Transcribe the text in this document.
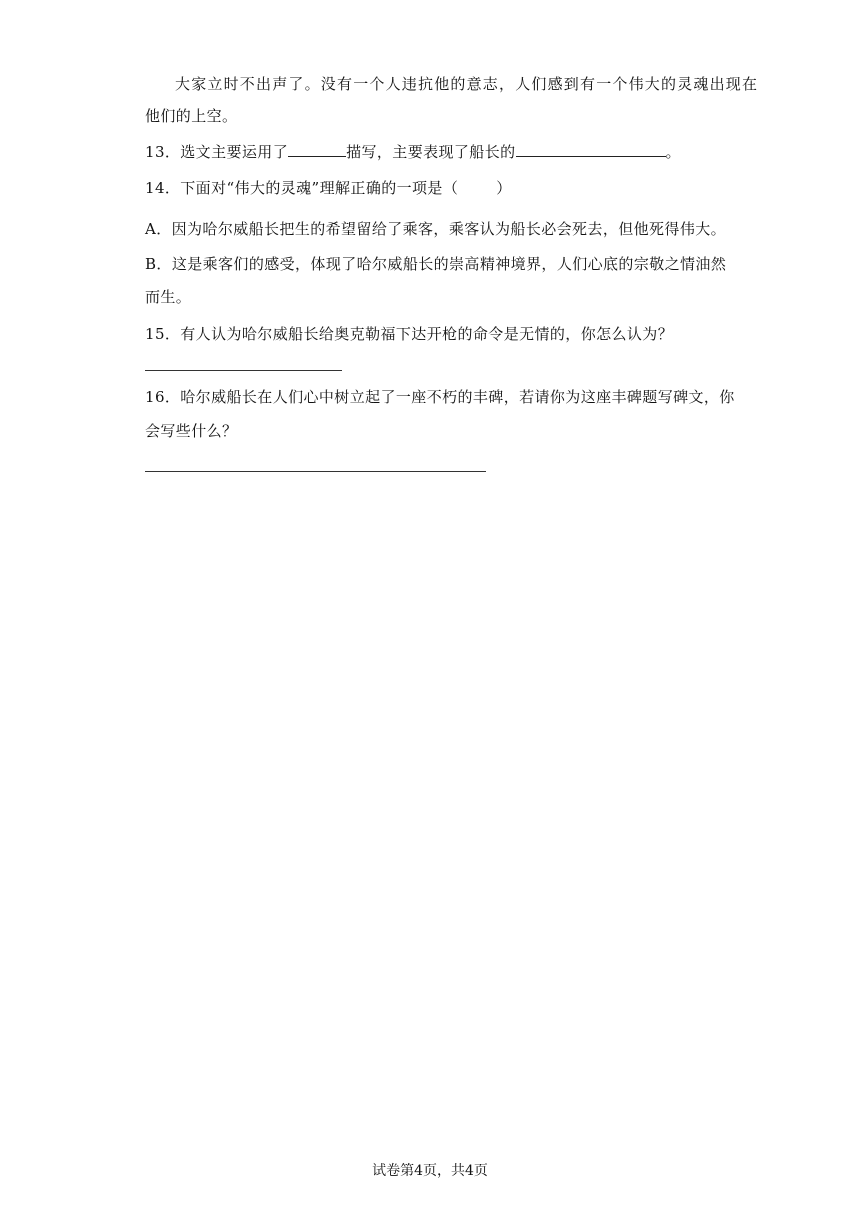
大家立时不出声了。没有一个人违抗他的意志，人们感到有一个伟大的灵魂出现在
他们的上空。
13．选文主要运用了	描写，主要表现了船长的	。
14．下面对“伟大的灵魂”理解正确的一项是（	）
A．因为哈尔威船长把生的希望留给了乘客，乘客认为船长必会死去，但他死得伟大。
B．这是乘客们的感受，体现了哈尔威船长的崇高精神境界，人们心底的宗敬之情油然
而生。
15．有人认为哈尔威船长给奥克勒福下达开枪的命令是无情的，你怎么认为？
16．哈尔威船长在人们心中树立起了一座不朽的丰碑，若请你为这座丰碑题写碑文，你
会写些什么？
试卷第4页，共4页
